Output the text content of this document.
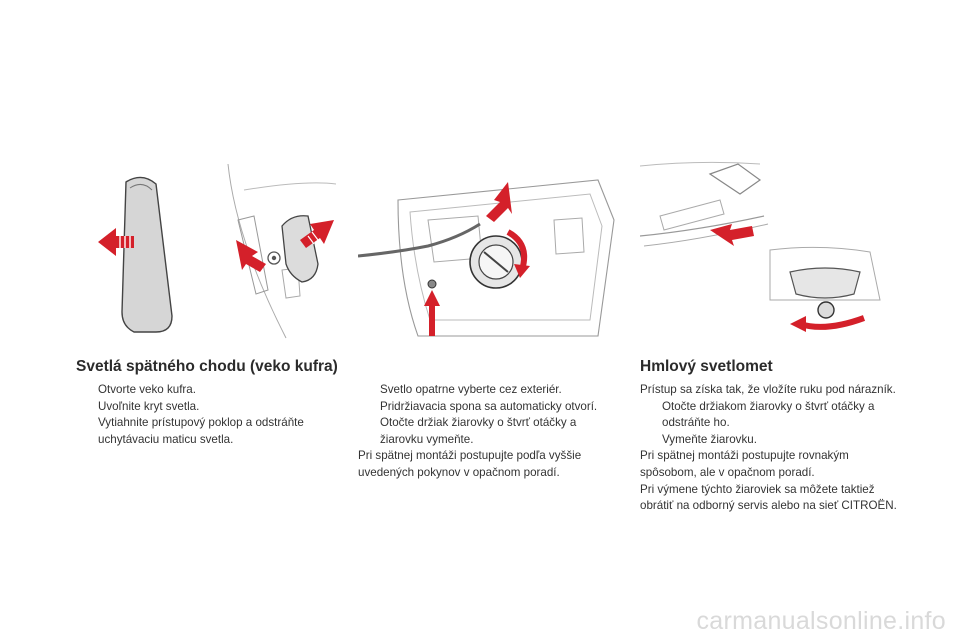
Svetlá spätného chodu (veko kufra)	Hmlový svetlomet
Otvorte veko kufra.
Uvoľnite kryt svetla.
Vytiahnite prístupový poklop a odstráňte uchytávaciu maticu svetla.
Svetlo opatrne vyberte cez exteriér. Pridržiavacia spona sa automaticky otvorí.
Otočte držiak žiarovky o štvrť otáčky a žiarovku vymeňte.
Pri spätnej montáži postupujte podľa vyššie uvedených pokynov v opačnom poradí.
Prístup sa získa tak, že vložíte ruku pod nárazník.
Otočte držiakom žiarovky o štvrť otáčky a odstráňte ho.
Vymeňte žiarovku.
Pri spätnej montáži postupujte rovnakým spôsobom, ale v opačnom poradí.
Pri výmene týchto žiaroviek sa môžete taktiež obrátiť na odborný servis alebo na sieť CITROËN.
carmanualsonline.info
